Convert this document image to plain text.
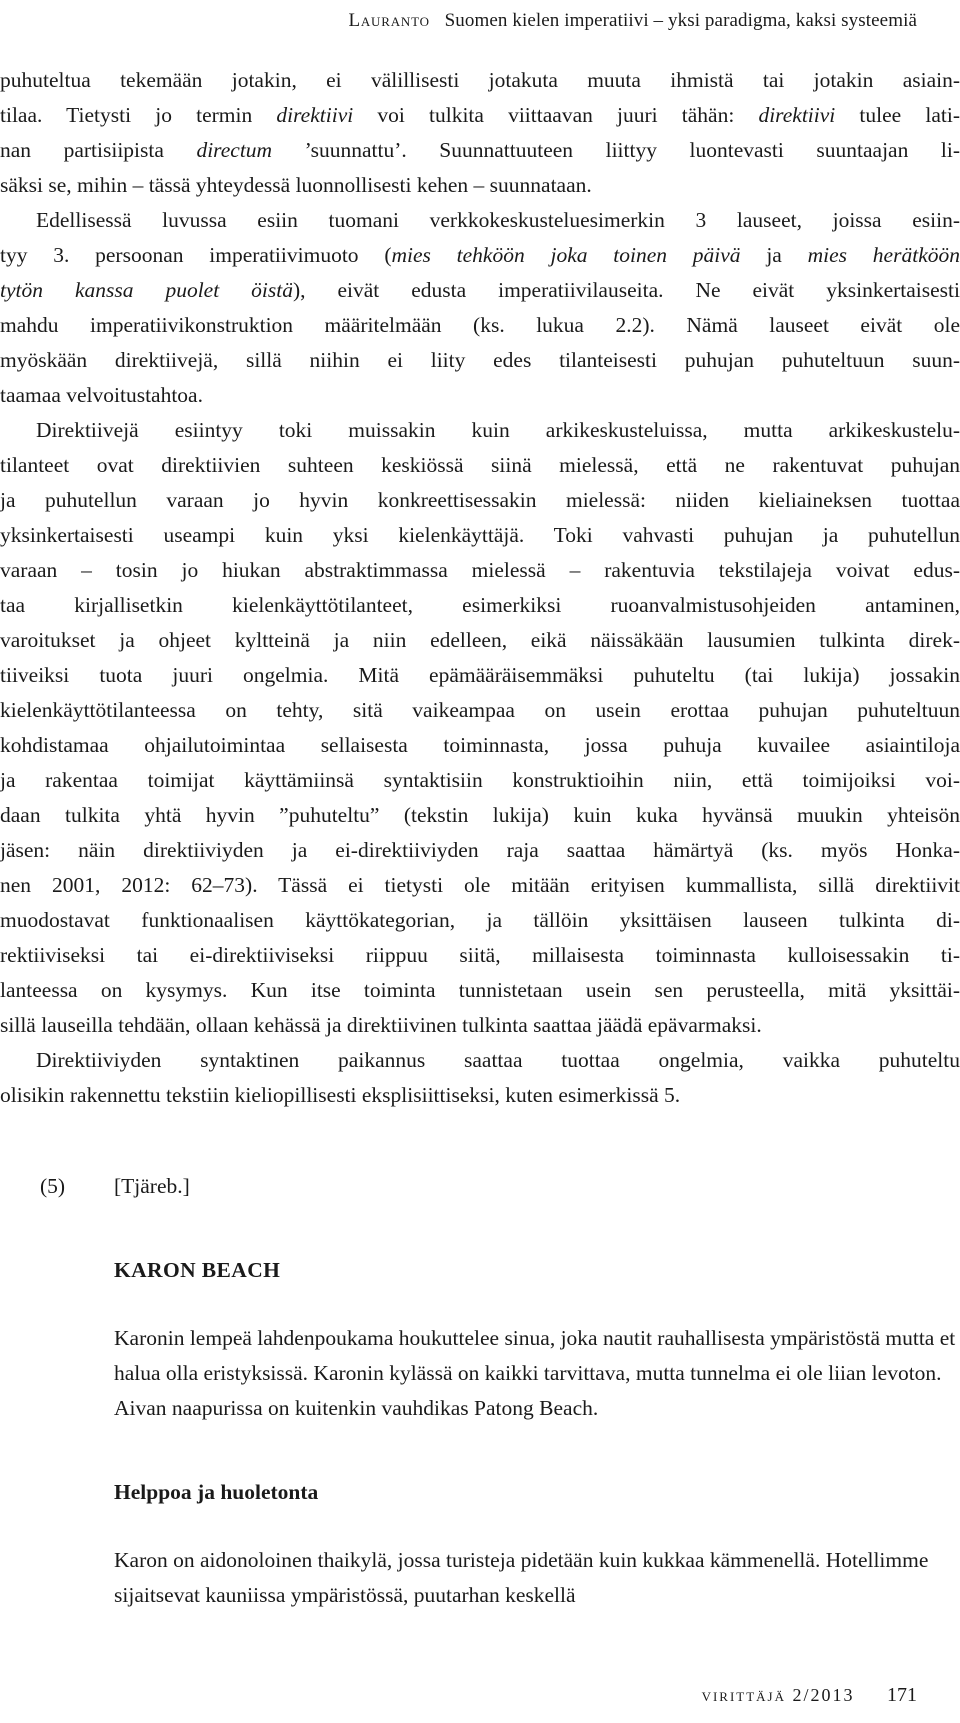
Lauranto Suomen kielen imperatiivi – yksi paradigma, kaksi systeemiä
puhuteltua tekemään jotakin, ei välillisesti jotakuta muuta ihmistä tai jotakin asiain-
tilaa. Tietysti jo termin direktiivi voi tulkita viittaavan juuri tähän: direktiivi tulee lati-
nan partisiipista directum ’suunnattu’. Suunnattuuteen liittyy luontevasti suuntaajan li-
säksi se, mihin – tässä yhteydessä luonnollisesti kehen – suunnataan.
Edellisessä luvussa esiin tuomani verkkokeskusteluesimerkin 3 lauseet, joissa esiin-
tyy 3. persoonan imperatiivimuoto (mies tehköön joka toinen päivä ja mies herätköön
tytön kanssa puolet öistä), eivät edusta imperatiivilauseita. Ne eivät yksinkertaisesti
mahdu imperatiivikonstruktion määritelmään (ks. lukua 2.2). Nämä lauseet eivät ole
myöskään direktiivejä, sillä niihin ei liity edes tilanteisesti puhujan puhuteltuun suun-
taamaa velvoitustahtoa.
Direktiivejä esiintyy toki muissakin kuin arkikeskusteluissa, mutta arkikeskustelu-
tilanteet ovat direktiivien suhteen keskiössä siinä mielessä, että ne rakentuvat puhujan
ja puhutellun varaan jo hyvin konkreettisessakin mielessä: niiden kieliaineksen tuottaa
yksinkertaisesti useampi kuin yksi kielenkäyttäjä. Toki vahvasti puhujan ja puhutellun
varaan – tosin jo hiukan abstraktimmassa mielessä – rakentuvia tekstilajeja voivat edus-
taa kirjallisetkin kielenkäyttötilanteet, esimerkiksi ruoanvalmistusohjeiden antaminen,
varoitukset ja ohjeet kyltteinä ja niin edelleen, eikä näissäkään lausumien tulkinta direk-
tiiveiksi tuota juuri ongelmia. Mitä epämääräisemmäksi puhuteltu (tai lukija) jossakin
kielenkäyttötilanteessa on tehty, sitä vaikeampaa on usein erottaa puhujan puhuteltuun
kohdistamaa ohjailutoimintaa sellaisesta toiminnasta, jossa puhuja kuvailee asiaintiloja
ja rakentaa toimijat käyttämiinsä syntaktisiin konstruktioihin niin, että toimijoiksi voi-
daan tulkita yhtä hyvin ”puhuteltu” (tekstin lukija) kuin kuka hyvänsä muukin yhteisön
jäsen: näin direktiiviyden ja ei-direktiiviyden raja saattaa hämärtyä (ks. myös Honka-
nen 2001, 2012: 62–73). Tässä ei tietysti ole mitään erityisen kummallista, sillä direktiivit
muodostavat funktionaalisen käyttökategorian, ja tällöin yksittäisen lauseen tulkinta di-
rektiiviseksi tai ei-direktiiviseksi riippuu siitä, millaisesta toiminnasta kulloisessakin ti-
lanteessa on kysymys. Kun itse toiminta tunnistetaan usein sen perusteella, mitä yksittäi-
sillä lauseilla tehdään, ollaan kehässä ja direktiivinen tulkinta saattaa jäädä epävarmaksi.
Direktiiviyden syntaktinen paikannus saattaa tuottaa ongelmia, vaikka puhuteltu
olisikin rakennettu tekstiin kieliopillisesti eksplisiittiseksi, kuten esimerkissä 5.
(5) [Tjäreb.]
KARON BEACH
Karonin lempeä lahdenpoukama houkuttelee sinua, joka nautit rauhallisesta ympäristöstä mutta et halua olla eristyksissä. Karonin kylässä on kaikki tarvittava, mutta tunnelma ei ole liian levoton. Aivan naapurissa on kuitenkin vauhdikas Patong Beach.
Helppoa ja huoletonta
Karon on aidonoloinen thaikylä, jossa turisteja pidetään kuin kukkaa kämmenellä. Hotellimme sijaitsevat kauniissa ympäristössä, puutarhan keskellä
virittäjä 2/2013 171
